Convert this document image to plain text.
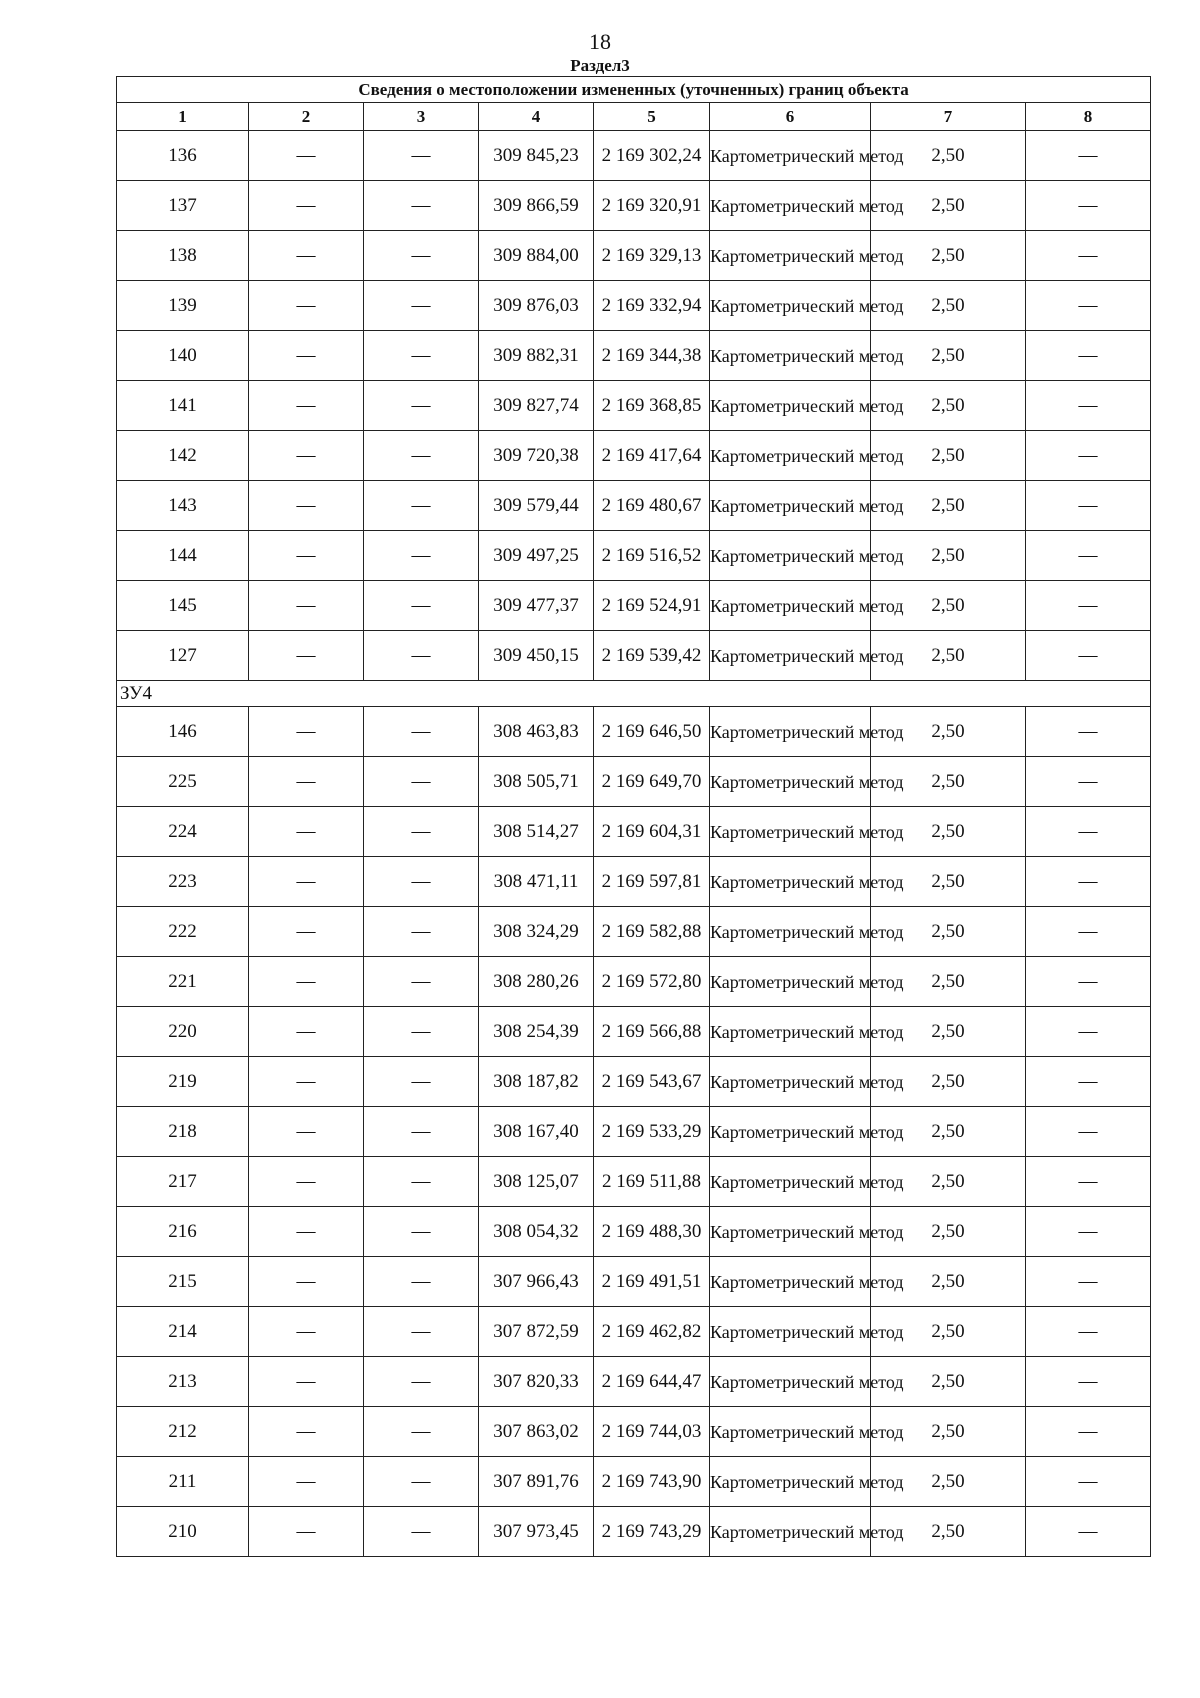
18
Раздел3
Сведения о местоположении измененных (уточненных) границ объекта							
1	2	3	4	5	6	7	8
136	—	—	309 845,23	2 169 302,24	Картометрический метод	2,50	—
137	—	—	309 866,59	2 169 320,91	Картометрический метод	2,50	—
138	—	—	309 884,00	2 169 329,13	Картометрический метод	2,50	—
139	—	—	309 876,03	2 169 332,94	Картометрический метод	2,50	—
140	—	—	309 882,31	2 169 344,38	Картометрический метод	2,50	—
141	—	—	309 827,74	2 169 368,85	Картометрический метод	2,50	—
142	—	—	309 720,38	2 169 417,64	Картометрический метод	2,50	—
143	—	—	309 579,44	2 169 480,67	Картометрический метод	2,50	—
144	—	—	309 497,25	2 169 516,52	Картометрический метод	2,50	—
145	—	—	309 477,37	2 169 524,91	Картометрический метод	2,50	—
127	—	—	309 450,15	2 169 539,42	Картометрический метод	2,50	—
ЗУ4							
146	—	—	308 463,83	2 169 646,50	Картометрический метод	2,50	—
225	—	—	308 505,71	2 169 649,70	Картометрический метод	2,50	—
224	—	—	308 514,27	2 169 604,31	Картометрический метод	2,50	—
223	—	—	308 471,11	2 169 597,81	Картометрический метод	2,50	—
222	—	—	308 324,29	2 169 582,88	Картометрический метод	2,50	—
221	—	—	308 280,26	2 169 572,80	Картометрический метод	2,50	—
220	—	—	308 254,39	2 169 566,88	Картометрический метод	2,50	—
219	—	—	308 187,82	2 169 543,67	Картометрический метод	2,50	—
218	—	—	308 167,40	2 169 533,29	Картометрический метод	2,50	—
217	—	—	308 125,07	2 169 511,88	Картометрический метод	2,50	—
216	—	—	308 054,32	2 169 488,30	Картометрический метод	2,50	—
215	—	—	307 966,43	2 169 491,51	Картометрический метод	2,50	—
214	—	—	307 872,59	2 169 462,82	Картометрический метод	2,50	—
213	—	—	307 820,33	2 169 644,47	Картометрический метод	2,50	—
212	—	—	307 863,02	2 169 744,03	Картометрический метод	2,50	—
211	—	—	307 891,76	2 169 743,90	Картометрический метод	2,50	—
210	—	—	307 973,45	2 169 743,29	Картометрический метод	2,50	—
